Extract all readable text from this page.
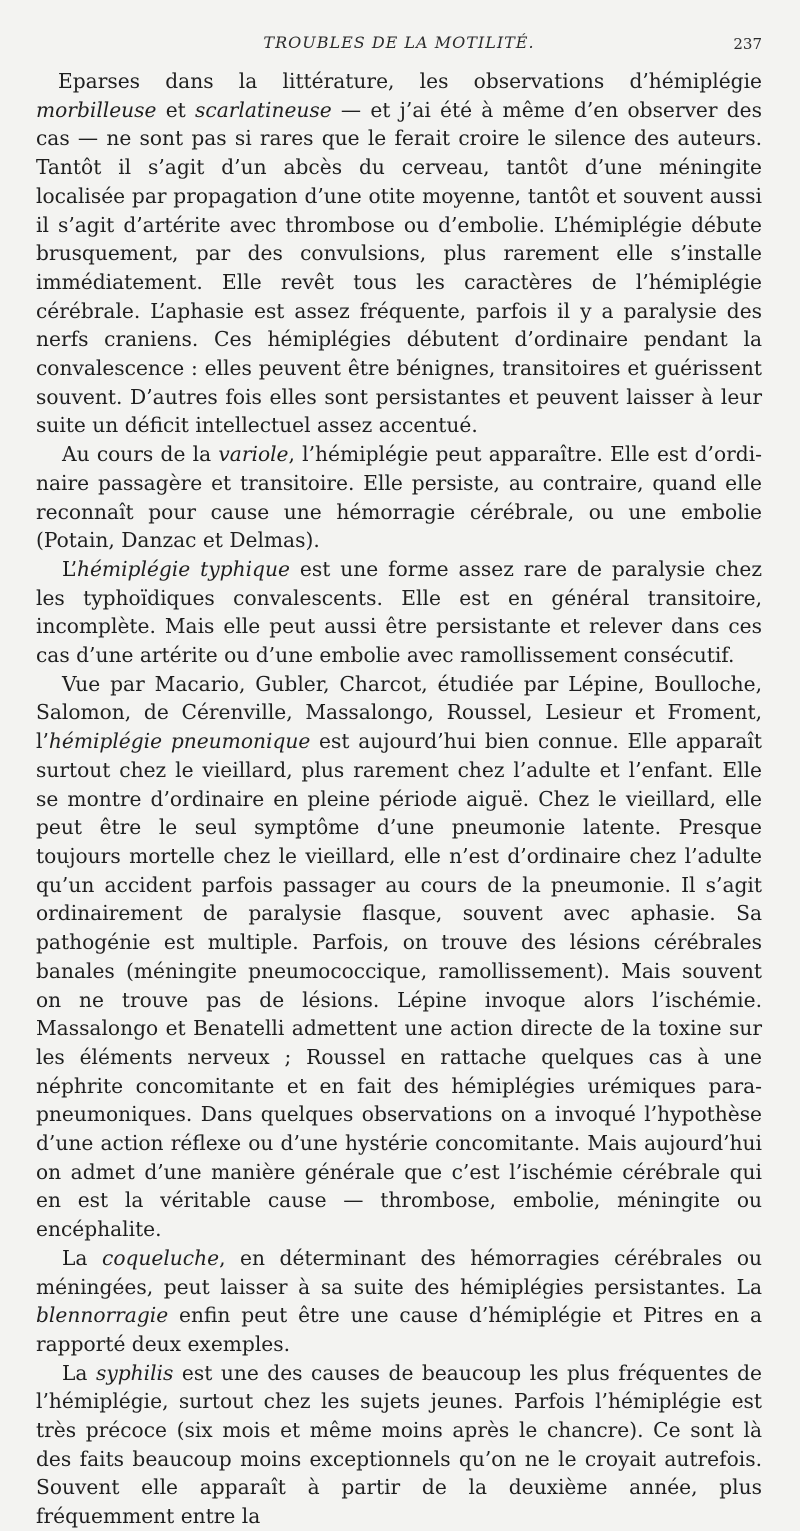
TROUBLES DE LA MOTILITÉ.	237

Eparses dans la littérature, les observations d’hémiplégie morbilleuse et scarlatineuse — et j’ai été à même d’en observer des cas — ne sont pas si rares que le ferait croire le silence des auteurs. Tantôt il s’agit d’un abcès du cerveau, tantôt d’une méningite localisée par propagation d’une otite moyenne, tantôt et souvent aussi il s’agit d’artérite avec thrombose ou d’embolie. L’hémiplégie débute brusquement, par des convulsions, plus rarement elle s’installe immédiatement. Elle revêt tous les caractères de l’hémiplégie cérébrale. L’aphasie est assez fréquente, parfois il y a paralysie des nerfs craniens. Ces hémiplégies débutent d’ordinaire pendant la convalescence : elles peuvent être bénignes, transitoires et guérissent souvent. D’autres fois elles sont persistantes et peuvent laisser à leur suite un déficit intellectuel assez accentué.

Au cours de la variole, l’hémiplégie peut apparaître. Elle est d’ordinaire passagère et transitoire. Elle persiste, au contraire, quand elle reconnaît pour cause une hémorragie cérébrale, ou une embolie (Potain, Danzac et Delmas).

L’hémiplégie typhique est une forme assez rare de paralysie chez les typhoïdiques convalescents. Elle est en général transitoire, incomplète. Mais elle peut aussi être persistante et relever dans ces cas d’une artérite ou d’une embolie avec ramollissement consécutif.

Vue par Macario, Gubler, Charcot, étudiée par Lépine, Boulloche, Salomon, de Cérenville, Massalongo, Roussel, Lesieur et Froment, l’hémiplégie pneumonique est aujourd’hui bien connue. Elle apparaît surtout chez le vieillard, plus rarement chez l’adulte et l’enfant. Elle se montre d’ordinaire en pleine période aiguë. Chez le vieillard, elle peut être le seul symptôme d’une pneumonie latente. Presque toujours mortelle chez le vieillard, elle n’est d’ordinaire chez l’adulte qu’un accident parfois passager au cours de la pneumonie. Il s’agit ordinairement de paralysie flasque, souvent avec aphasie. Sa pathogénie est multiple. Parfois, on trouve des lésions cérébrales banales (méningite pneumococcique, ramollissement). Mais souvent on ne trouve pas de lésions. Lépine invoque alors l’ischémie. Massalongo et Benatelli admettent une action directe de la toxine sur les éléments nerveux ; Roussel en rattache quelques cas à une néphrite concomitante et en fait des hémiplégies urémiques parapneumoniques. Dans quelques observations on a invoqué l’hypothèse d’une action réflexe ou d’une hystérie concomitante. Mais aujourd’hui on admet d’une manière générale que c’est l’ischémie cérébrale qui en est la véritable cause — thrombose, embolie, méningite ou encéphalite.

La coqueluche, en déterminant des hémorragies cérébrales ou méningées, peut laisser à sa suite des hémiplégies persistantes. La blennorragie enfin peut être une cause d’hémiplégie et Pitres en a rapporté deux exemples.

La syphilis est une des causes de beaucoup les plus fréquentes de l’hémiplégie, surtout chez les sujets jeunes. Parfois l’hémiplégie est très précoce (six mois et même moins après le chancre). Ce sont là des faits beaucoup moins exceptionnels qu’on ne le croyait autrefois. Souvent elle apparaît à partir de la deuxième année, plus fréquemment entre la
